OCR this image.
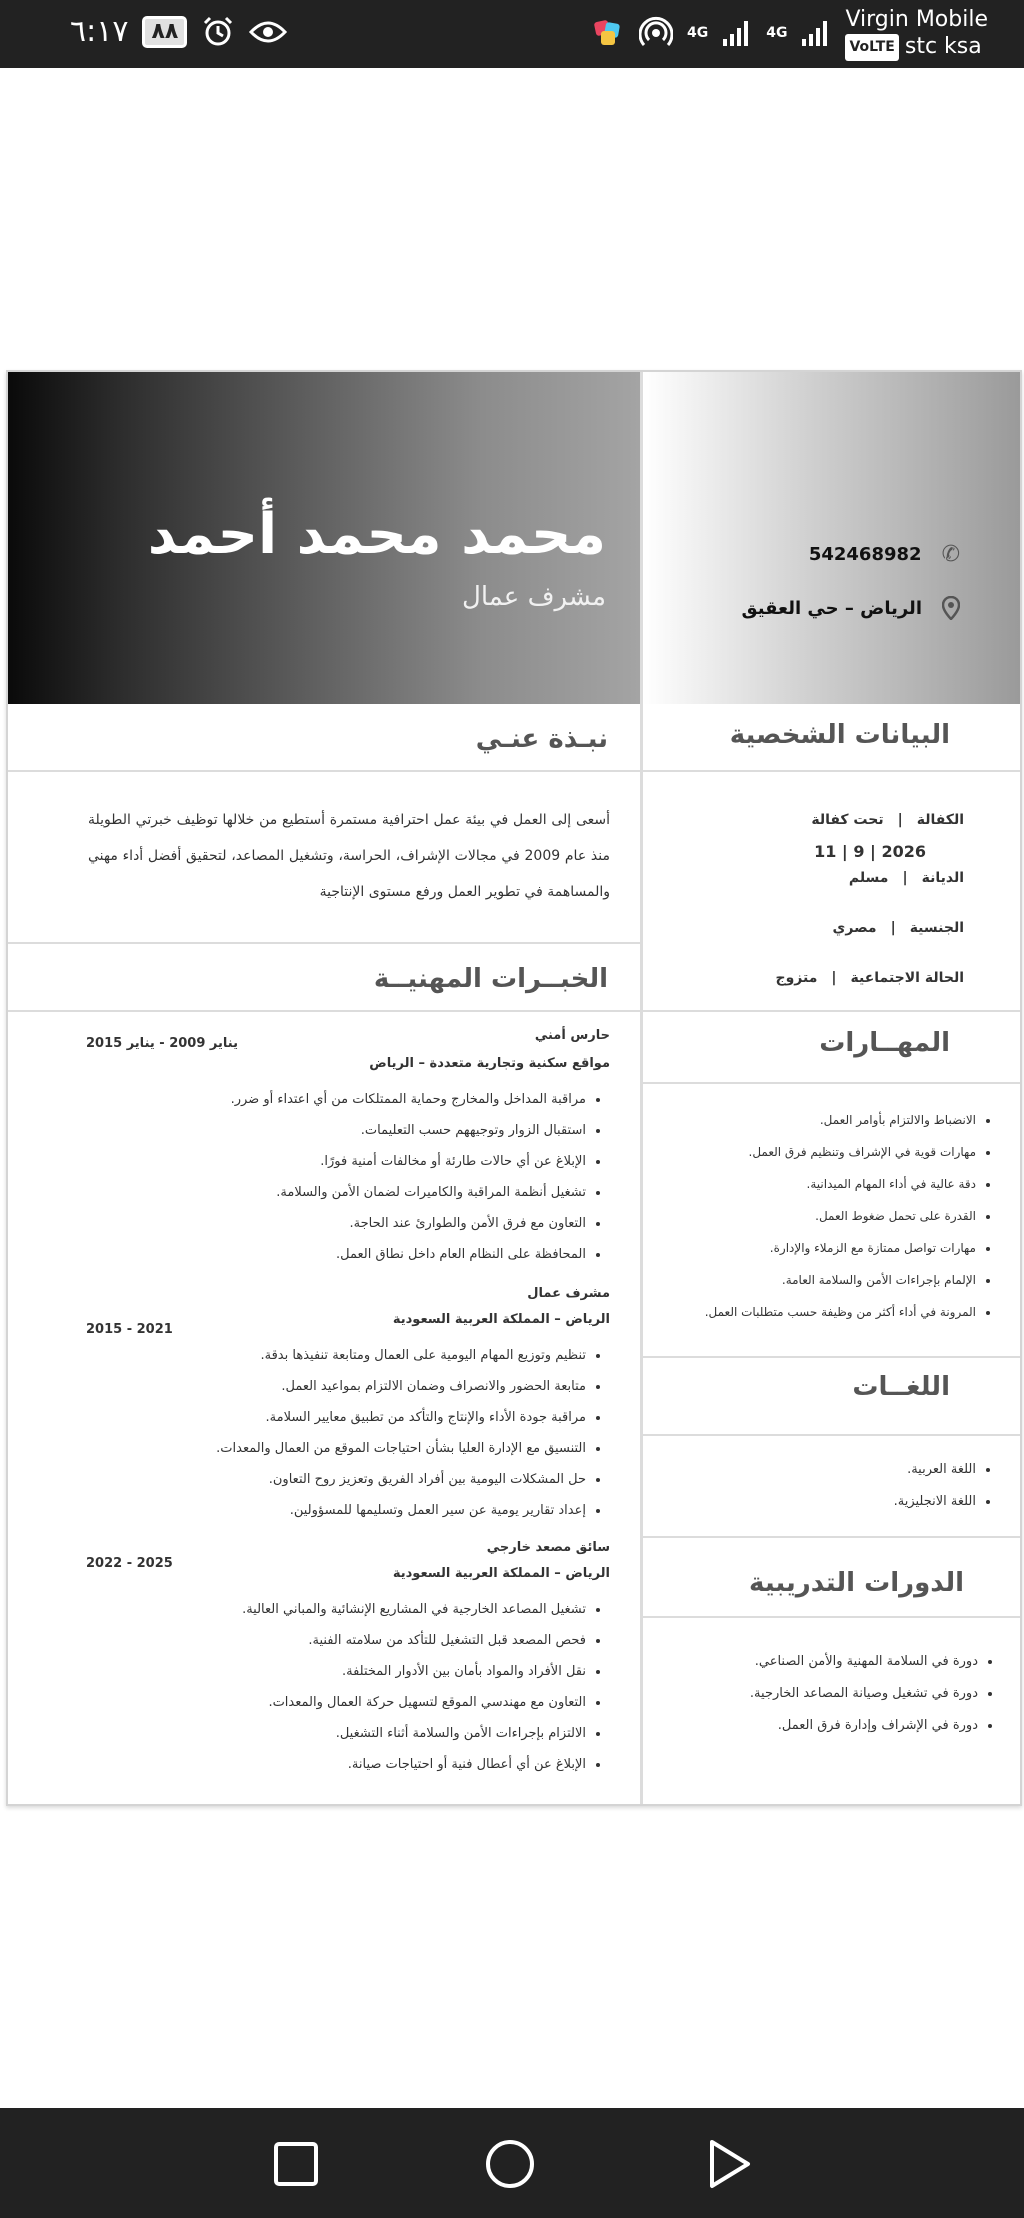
٦:١٧	٨٨	4G	4G
Virgin Mobile
VoLTE stc ksa
محمد محمد أحمد
مشرف عمال
✆
542468982
الرياض – حي العقيق
نبـذة عنـي
أسعى إلى العمل في بيئة عمل احترافية مستمرة أستطيع من خلالها توظيف خبرتي الطويلة منذ عام 2009 في مجالات الإشراف، الحراسة، وتشغيل المصاعد، لتحقيق أفضل أداء مهني والمساهمة في تطوير العمل ورفع مستوى الإنتاجية
الخبــرات المهنيــة
حارس أمني
يناير 2009 - يناير 2015
مواقع سكنية وتجارية متعددة – الرياض
• مراقبة المداخل والمخارج وحماية الممتلكات من أي اعتداء أو ضرر.
• استقبال الزوار وتوجيههم حسب التعليمات.
• الإبلاغ عن أي حالات طارئة أو مخالفات أمنية فورًا.
• تشغيل أنظمة المراقبة والكاميرات لضمان الأمن والسلامة.
• التعاون مع فرق الأمن والطوارئ عند الحاجة.
• المحافظة على النظام العام داخل نطاق العمل.
مشرف عمال
2015 - 2021
الرياض – المملكة العربية السعودية
• تنظيم وتوزيع المهام اليومية على العمال ومتابعة تنفيذها بدقة.
• متابعة الحضور والانصراف وضمان الالتزام بمواعيد العمل.
• مراقبة جودة الأداء والإنتاج والتأكد من تطبيق معايير السلامة.
• التنسيق مع الإدارة العليا بشأن احتياجات الموقع من العمال والمعدات.
• حل المشكلات اليومية بين أفراد الفريق وتعزيز روح التعاون.
• إعداد تقارير يومية عن سير العمل وتسليمها للمسؤولين.
سائق مصعد خارجي
2022 - 2025
الرياض – المملكة العربية السعودية
• تشغيل المصاعد الخارجية في المشاريع الإنشائية والمباني العالية.
• فحص المصعد قبل التشغيل للتأكد من سلامته الفنية.
• نقل الأفراد والمواد بأمان بين الأدوار المختلفة.
• التعاون مع مهندسي الموقع لتسهيل حركة العمال والمعدات.
• الالتزام بإجراءات الأمن والسلامة أثناء التشغيل.
• الإبلاغ عن أي أعطال فنية أو احتياجات صيانة.
البيانات الشخصية
الكفالة|تحت كفالة
11 | 9 | 2026
الديانة|مسلم
الجنسية|مصري
الحالة الاجتماعية|متزوج
المهــارات
• الانضباط والالتزام بأوامر العمل.
• مهارات قوية في الإشراف وتنظيم فرق العمل.
• دقة عالية في أداء المهام الميدانية.
• القدرة على تحمل ضغوط العمل.
• مهارات تواصل ممتازة مع الزملاء والإدارة.
• الإلمام بإجراءات الأمن والسلامة العامة.
• المرونة في أداء أكثر من وظيفة حسب متطلبات العمل.
اللغــات
• اللغة العربية.
• اللغة الانجليزية.
الدورات التدريبية
• دورة في السلامة المهنية والأمن الصناعي.
• دورة في تشغيل وصيانة المصاعد الخارجية.
• دورة في الإشراف وإدارة فرق العمل.
